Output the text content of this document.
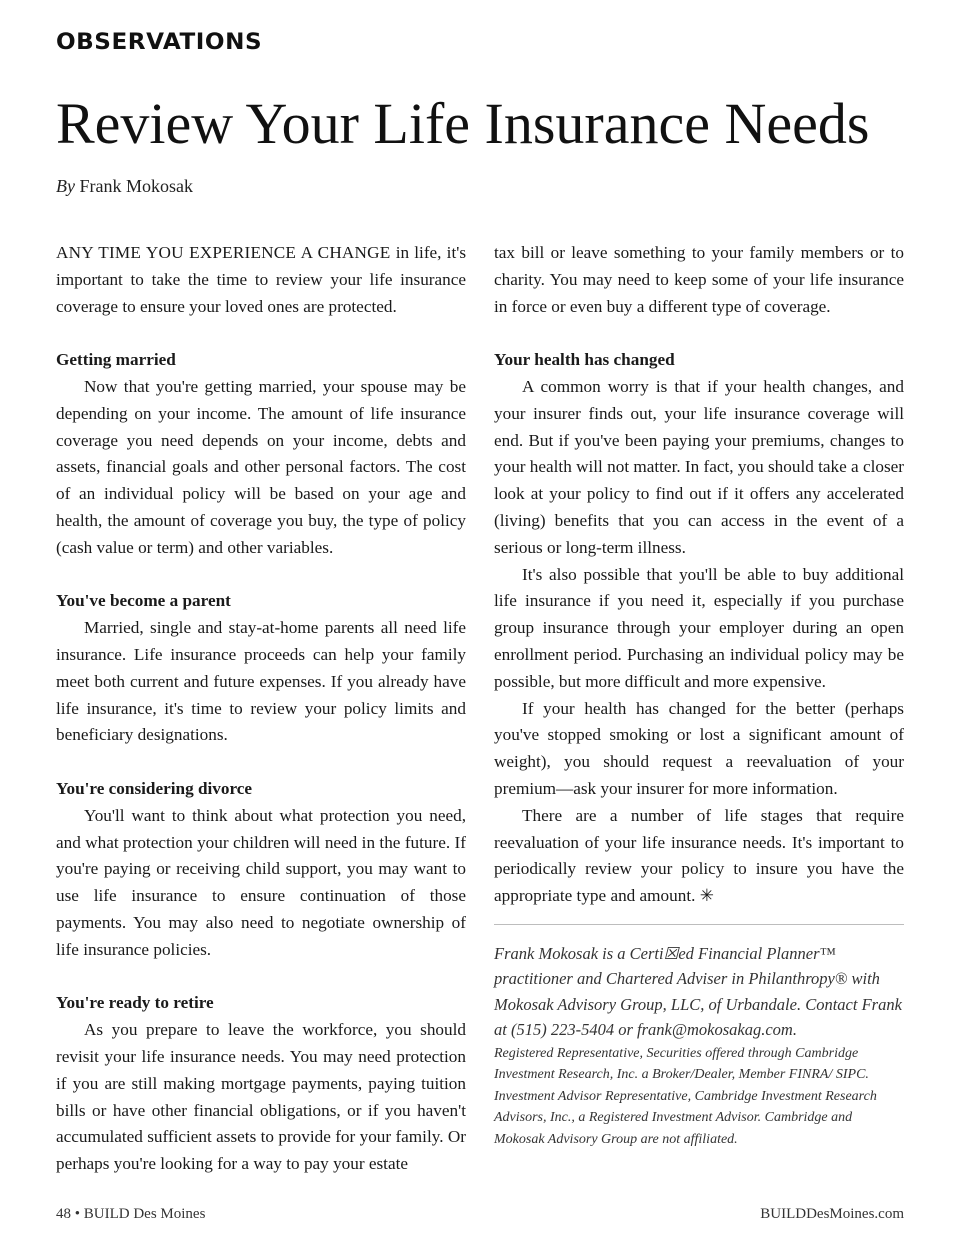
OBSERVATIONS
Review Your Life Insurance Needs
By Frank Mokosak

ANY TIME YOU EXPERIENCE A CHANGE in life, it's important to take the time to review your life insurance coverage to ensure your loved ones are protected.

Getting married

Now that you're getting married, your spouse may be depending on your income. The amount of life insurance coverage you need depends on your income, debts and assets, financial goals and other personal factors. The cost of an individual policy will be based on your age and health, the amount of coverage you buy, the type of policy (cash value or term) and other variables.

You've become a parent

Married, single and stay-at-home parents all need life insurance. Life insurance proceeds can help your family meet both current and future expenses. If you already have life insurance, it's time to review your policy limits and beneficiary designations.

You're considering divorce

You'll want to think about what protection you need, and what protection your children will need in the future. If you're paying or receiving child support, you may want to use life insurance to ensure continuation of those payments. You may also need to negotiate ownership of life insurance policies.

You're ready to retire

As you prepare to leave the workforce, you should revisit your life insurance needs. You may need protection if you are still making mortgage payments, paying tuition bills or have other financial obligations, or if you haven't accumulated sufficient assets to provide for your family. Or perhaps you're looking for a way to pay your estate

tax bill or leave something to your family members or to charity. You may need to keep some of your life insurance in force or even buy a different type of coverage.

Your health has changed

A common worry is that if your health changes, and your insurer finds out, your life insurance coverage will end. But if you've been paying your premiums, changes to your health will not matter. In fact, you should take a closer look at your policy to find out if it offers any accelerated (living) benefits that you can access in the event of a serious or long-term illness.

It's also possible that you'll be able to buy additional life insurance if you need it, especially if you purchase group insurance through your employer during an open enrollment period. Purchasing an individual policy may be possible, but more difficult and more expensive.

If your health has changed for the better (perhaps you've stopped smoking or lost a significant amount of weight), you should request a reevaluation of your premium—ask your insurer for more information.

There are a number of life stages that require reevaluation of your life insurance needs. It's important to periodically review your policy to insure you have the appropriate type and amount. ✳

Frank Mokosak is a Certi☒ed Financial Planner™ practitioner and Chartered Adviser in Philanthropy® with Mokosak Advisory Group, LLC, of Urbandale. Contact Frank at (515) 223-5404 or frank@mokosakag.com.

Registered Representative, Securities offered through Cambridge Investment Research, Inc. a Broker/Dealer, Member FINRA/ SIPC. Investment Advisor Representative, Cambridge Investment Research Advisors, Inc., a Registered Investment Advisor. Cambridge and Mokosak Advisory Group are not affiliated.

48 • BUILD Des Moines	BUILDDesMoines.com
